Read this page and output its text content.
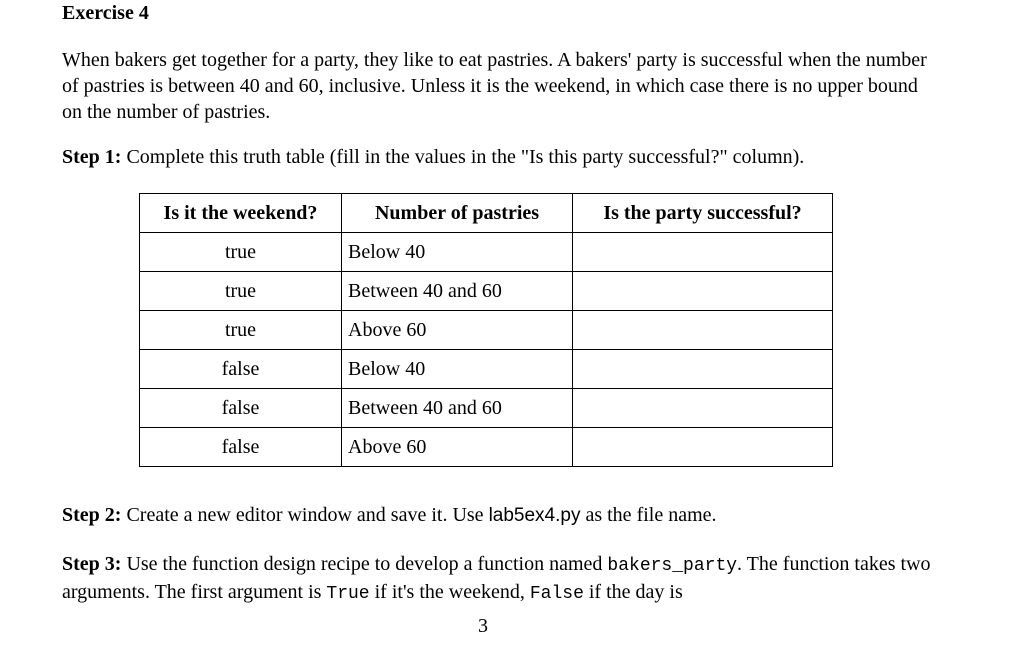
Exercise 4
When bakers get together for a party, they like to eat pastries. A bakers' party is successful when the number of pastries is between 40 and 60, inclusive. Unless it is the weekend, in which case there is no upper bound on the number of pastries.
Step 1: Complete this truth table (fill in the values in the "Is this party successful?" column).
Is it the weekend?	Number of pastries	Is the party successful?
true	Below 40	
true	Between 40 and 60	
true	Above 60	
false	Below 40	
false	Between 40 and 60	
false	Above 60	
Step 2: Create a new editor window and save it. Use lab5ex4.py as the file name.
Step 3: Use the function design recipe to develop a function named bakers_party. The function takes two arguments. The first argument is True if it's the weekend, False if the day is
3
